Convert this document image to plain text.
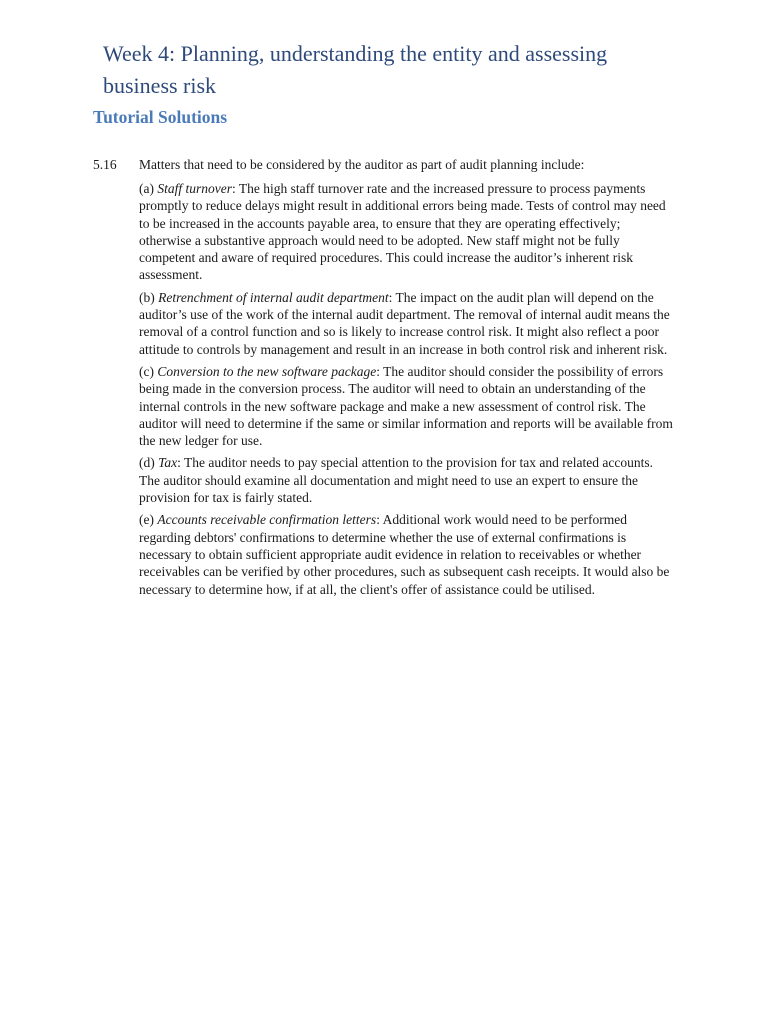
Week 4: Planning, understanding the entity and assessing business risk
Tutorial Solutions
5.16 Matters that need to be considered by the auditor as part of audit planning include:

(a) Staff turnover: The high staff turnover rate and the increased pressure to process payments promptly to reduce delays might result in additional errors being made. Tests of control may need to be increased in the accounts payable area, to ensure that they are operating effectively; otherwise a substantive approach would need to be adopted. New staff might not be fully competent and aware of required procedures. This could increase the auditor’s inherent risk assessment.
(b) Retrenchment of internal audit department: The impact on the audit plan will depend on the auditor’s use of the work of the internal audit department. The removal of internal audit means the removal of a control function and so is likely to increase control risk. It might also reflect a poor attitude to controls by management and result in an increase in both control risk and inherent risk.
(c) Conversion to the new software package: The auditor should consider the possibility of errors being made in the conversion process. The auditor will need to obtain an understanding of the internal controls in the new software package and make a new assessment of control risk. The auditor will need to determine if the same or similar information and reports will be available from the new ledger for use.
(d) Tax: The auditor needs to pay special attention to the provision for tax and related accounts. The auditor should examine all documentation and might need to use an expert to ensure the provision for tax is fairly stated.
(e) Accounts receivable confirmation letters: Additional work would need to be performed regarding debtors' confirmations to determine whether the use of external confirmations is necessary to obtain sufficient appropriate audit evidence in relation to receivables or whether receivables can be verified by other procedures, such as subsequent cash receipts. It would also be necessary to determine how, if at all, the client's offer of assistance could be utilised.
